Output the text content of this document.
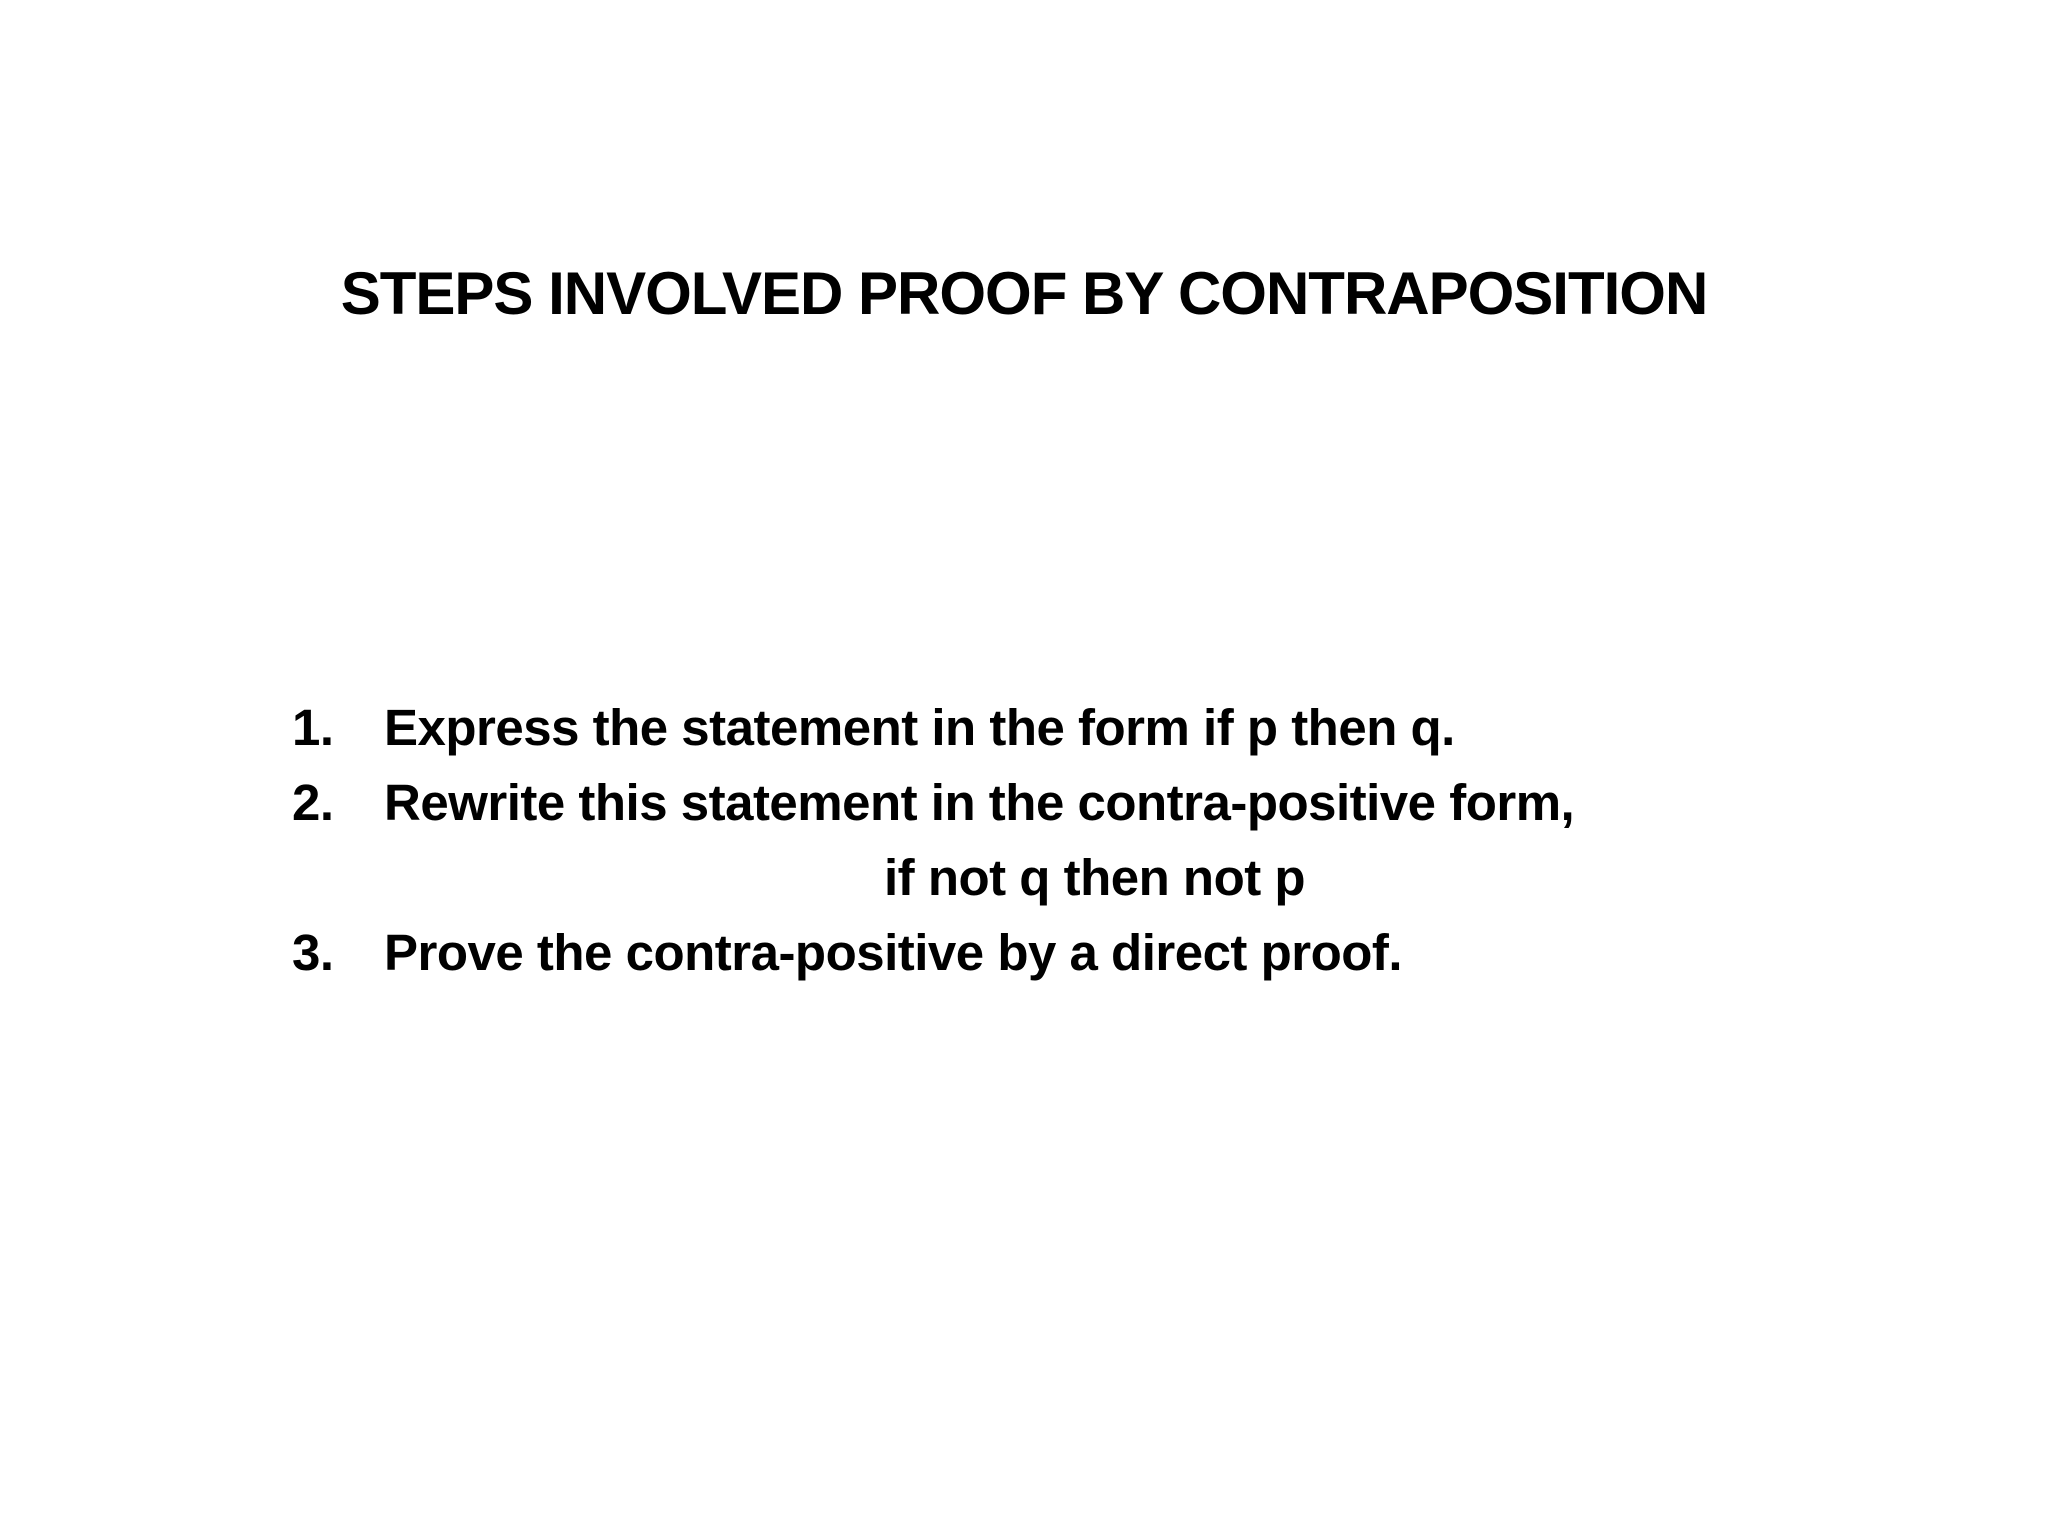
STEPS INVOLVED PROOF BY CONTRAPOSITION
1. Express the statement in the form if p then q.
2. Rewrite this statement in the contra-positive form,
if not q then not p
3. Prove the contra-positive by a direct proof.
